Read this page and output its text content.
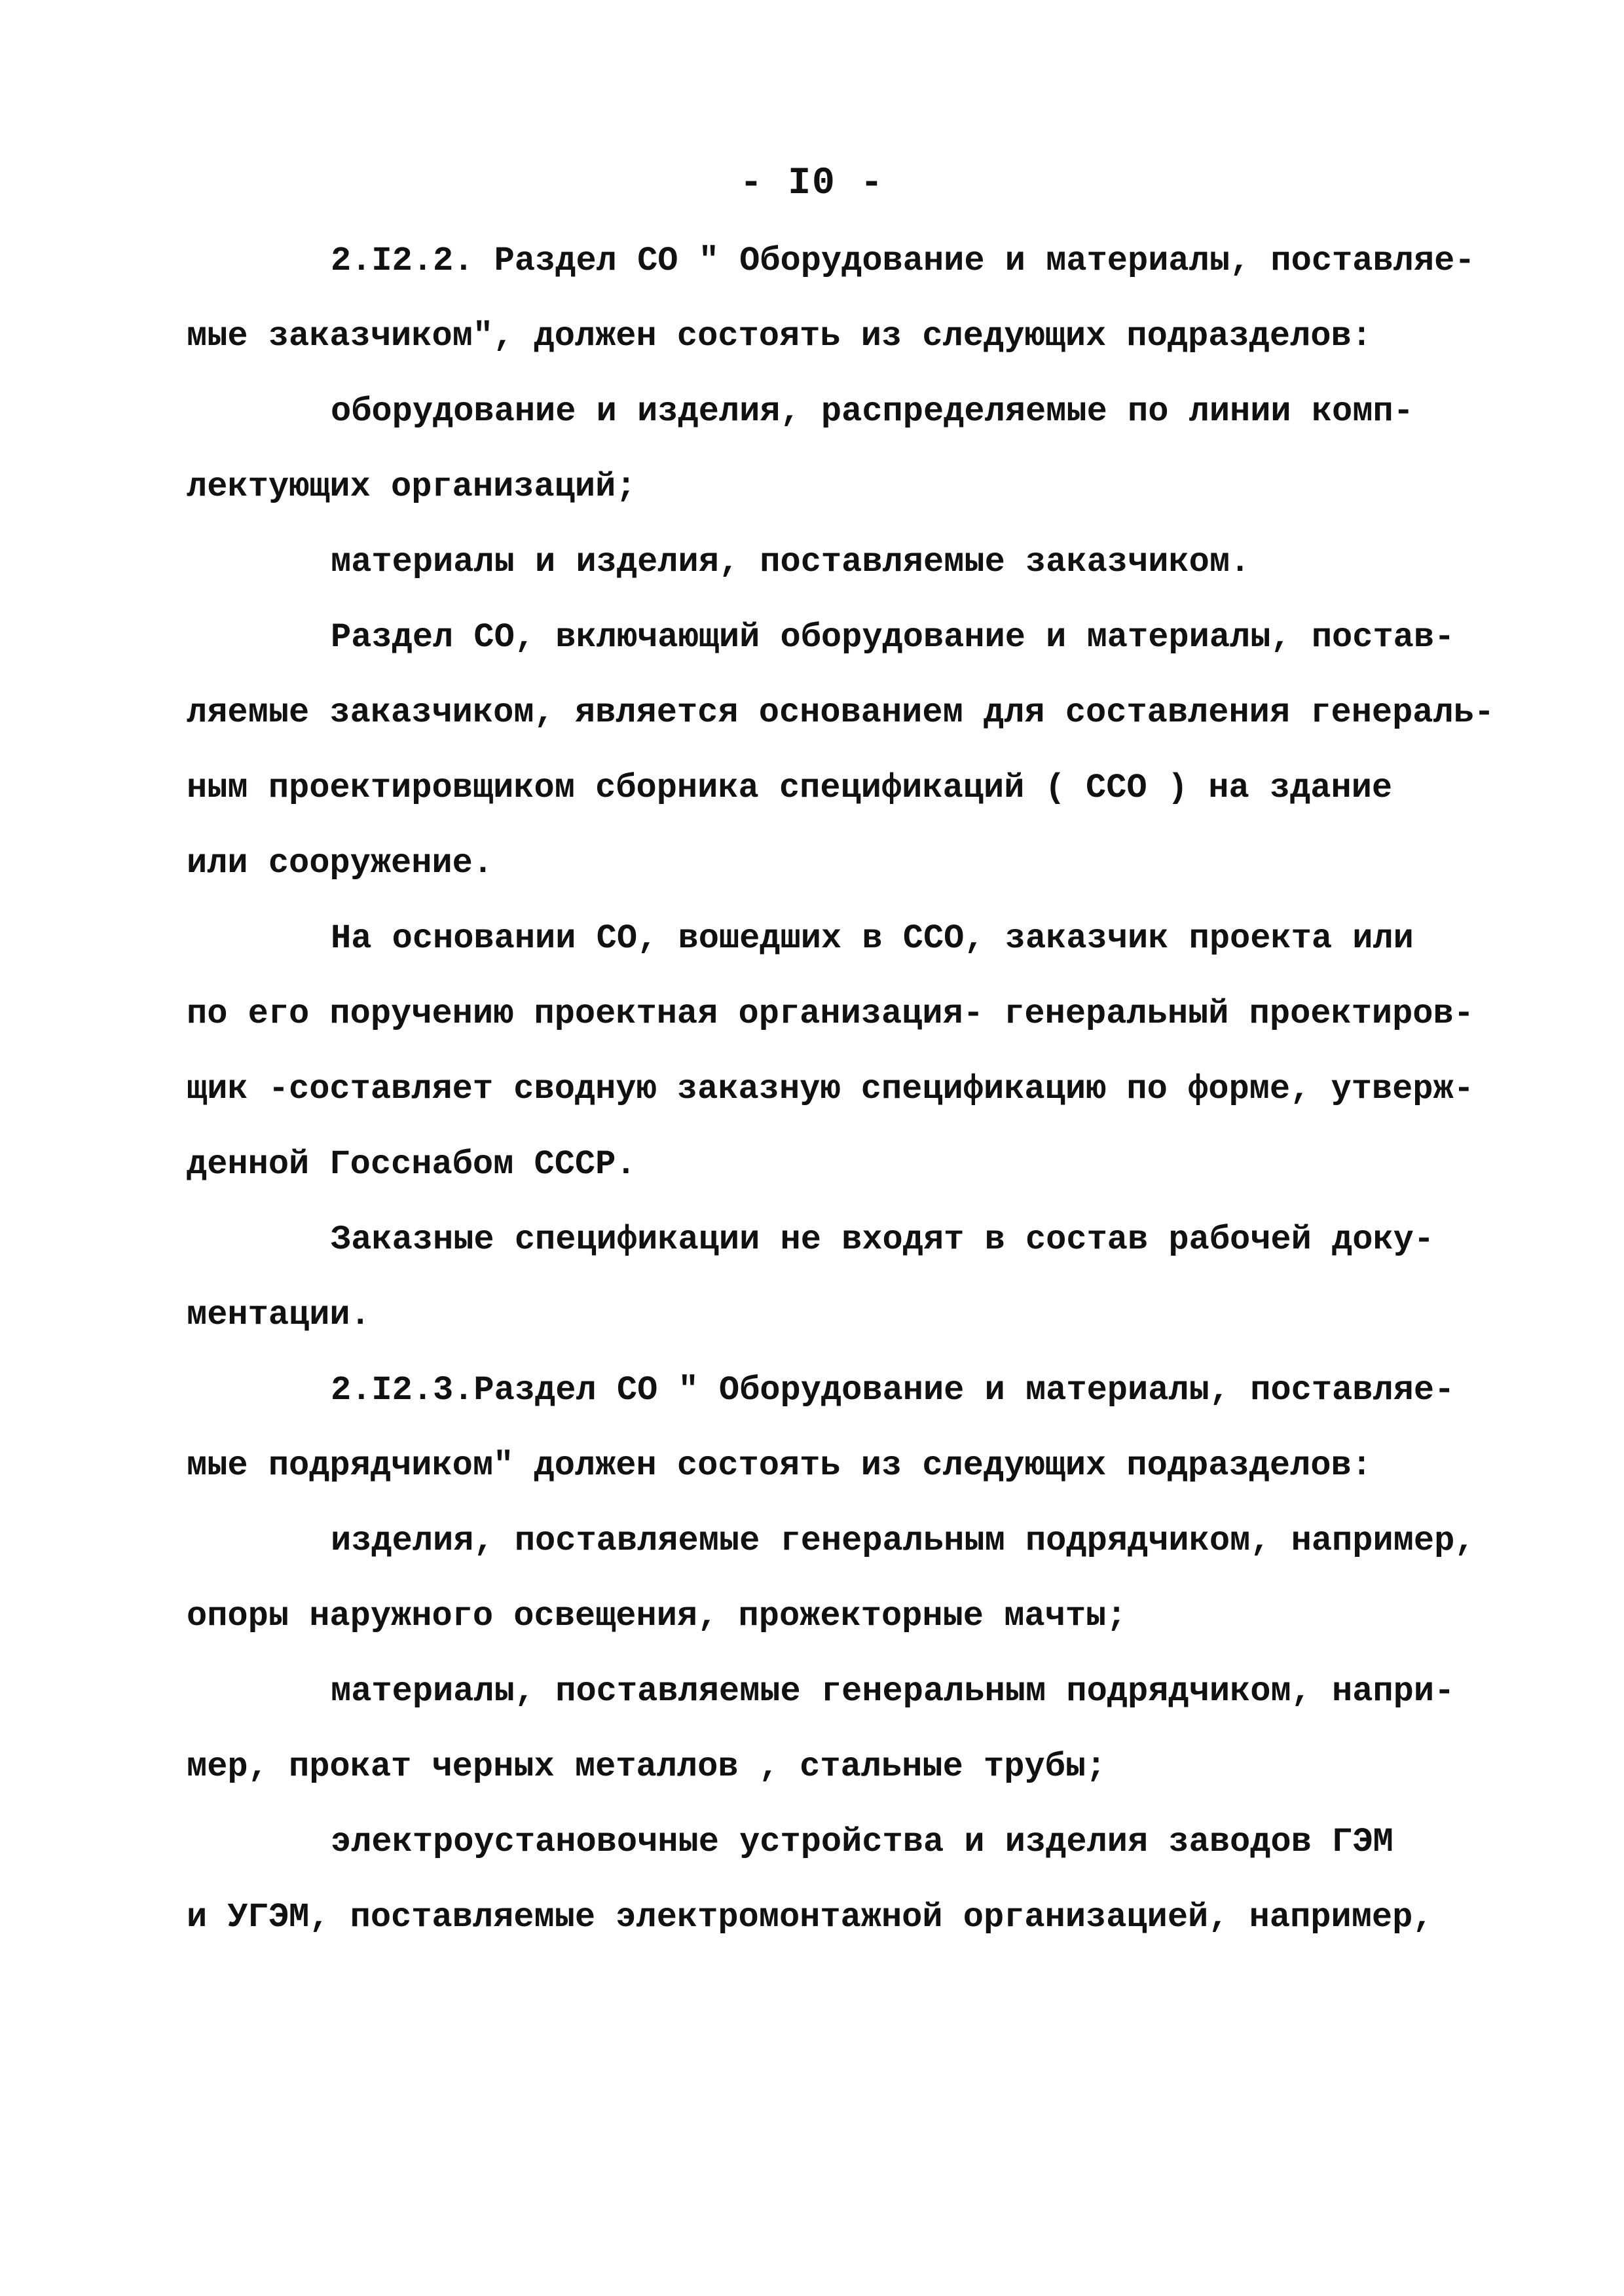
- I0 -
2.I2.2. Раздел СО " Оборудование и материалы, поставляе-
мые заказчиком", должен состоять из следующих подразделов:
оборудование и изделия, распределяемые по линии комп-
лектующих организаций;
материалы и изделия, поставляемые заказчиком.
Раздел СО, включающий оборудование и материалы, постав-
ляемые заказчиком, является основанием для составления генераль-
ным проектировщиком сборника спецификаций ( ССО ) на здание
или сооружение.
На основании СО, вошедших в ССО, заказчик проекта или
по его поручению проектная организация- генеральный проектиров-
щик -составляет сводную заказную спецификацию по форме, утверж-
денной Госснабом СССР.
Заказные спецификации не входят в состав рабочей доку-
ментации.
2.I2.3.Раздел СО " Оборудование и материалы, поставляе-
мые подрядчиком" должен состоять из следующих подразделов:
изделия, поставляемые генеральным подрядчиком, например,
опоры наружного освещения, прожекторные мачты;
материалы, поставляемые генеральным подрядчиком, напри-
мер, прокат черных металлов , стальные трубы;
электроустановочные устройства и изделия заводов ГЭМ
и УГЭМ, поставляемые электромонтажной организацией, например,
